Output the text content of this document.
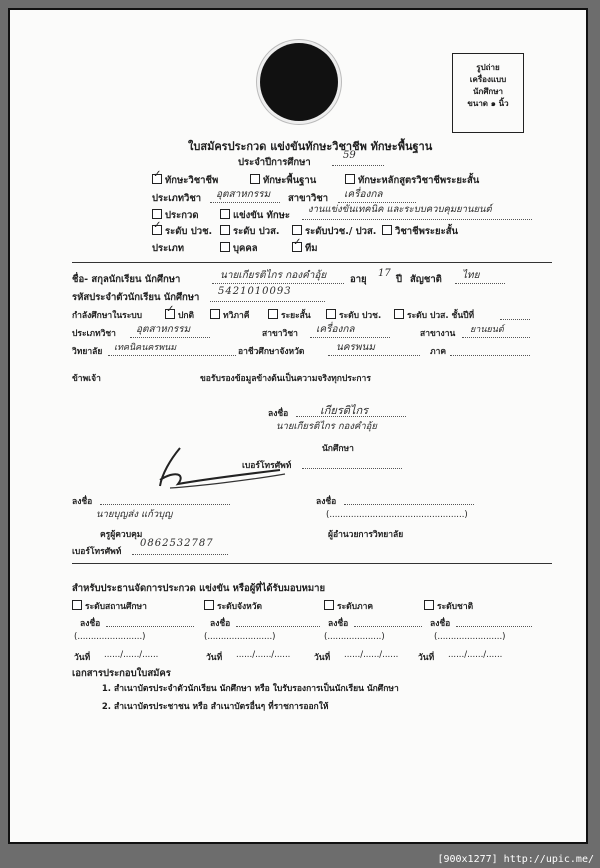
รูปถ่าย
เครื่องแบบ
นักศึกษา
ขนาด ๑ นิ้ว
ใบสมัครประกวด แข่งขันทักษะวิชาชีพ ทักษะพื้นฐาน
ประจำปีการศึกษา
59
✓ทักษะวิชาชีพ	ทักษะพื้นฐาน	ทักษะหลักสูตรวิชาชีพระยะสั้น
ประเภทวิชา อุตสาหกรรม สาขาวิชา เครื่องกล
ประกวด	แข่งขัน ทักษะ
งานแข่งขันเทคนิค และระบบควบคุมยานยนต์
✓ระดับ ปวช.	ระดับ ปวส.	ระดับปวช./ ปวส.	วิชาชีพระยะสั้น
ประเภท	บุคคล ✓	ทีม
ชื่อ- สกุลนักเรียน นักศึกษา	นายเกียรติไกร กองคำอุ้ย อายุ
17
ปี สัญชาติ ไทย
รหัสประจำตัวนักเรียน นักศึกษา
5421010093
กำลังศึกษาในระบบ ✓	ปกติ	ทวิภาคี	ระยะสั้น	ระดับ ปวช.	ระดับ ปวส. ชั้นปีที่
ประเภทวิชา อุตสาหกรรม	สาขาวิชา เครื่องกล	สาขางาน ยานยนต์
วิทยาลัย เทคนิคนครพนม	อาชีวศึกษาจังหวัด	นครพนม	ภาค
ข้าพเจ้า	ขอรับรองข้อมูลข้างต้นเป็นความจริงทุกประการ
ลงชื่อ	เกียรติไกร
นายเกียรติไกร กองคำอุ้ย
นักศึกษา
เบอร์โทรศัพท์
ลงชื่อ
นายบุญส่ง แก้วบุญ
ครูผู้ควบคุม
เบอร์โทรศัพท์
0862532787
ลงชื่อ
(..................................................)
ผู้อำนวยการวิทยาลัย
สำหรับประธานจัดการประกวด แข่งขัน หรือผู้ที่ได้รับมอบหมาย
ระดับสถานศึกษา	ระดับจังหวัด	ระดับภาค	ระดับชาติ
ลงชื่อ	ลงชื่อ	ลงชื่อ	ลงชื่อ
(........................)	(........................)	(....................)	(........................)
วันที่ ....../....../......	วันที่ ....../....../......	วันที่ ....../....../...... วันที่ ....../....../......
เอกสารประกอบใบสมัคร
1. สำเนาบัตรประจำตัวนักเรียน นักศึกษา หรือ ใบรับรองการเป็นนักเรียน นักศึกษา
2. สำเนาบัตรประชาชน หรือ สำเนาบัตรอื่นๆ ที่ราชการออกให้
[900x1277] http://upic.me/
